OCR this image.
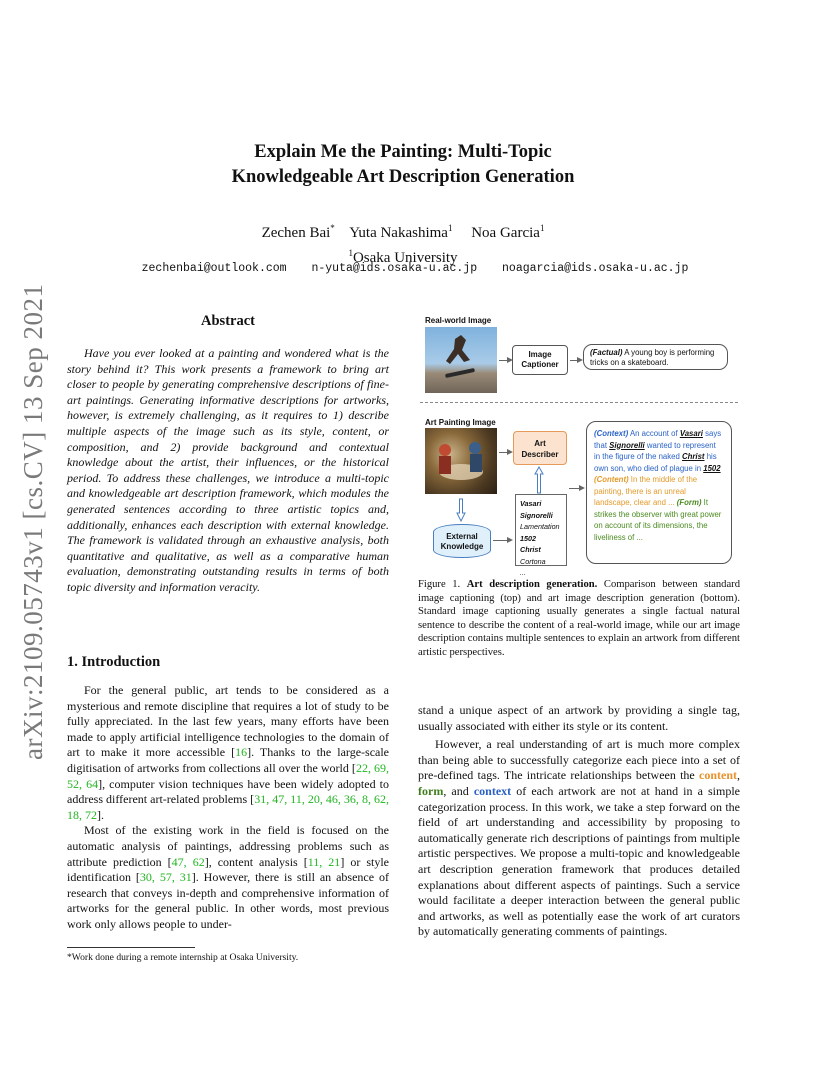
arXiv:2109.05743v1 [cs.CV] 13 Sep 2021
Explain Me the Painting: Multi-Topic
Knowledgeable Art Description Generation
Zechen Bai* Yuta Nakashima$^1$ Noa Garcia$^1$
$^1$Osaka University
zechenbai@outlook.com n-yuta@ids.osaka-u.ac.jp noagarcia@ids.osaka-u.ac.jp
Abstract
Have you ever looked at a painting and wondered what is the story behind it? This work presents a framework to bring art closer to people by generating comprehensive descriptions of fine-art paintings. Generating informative descriptions for artworks, however, is extremely challenging, as it requires to 1) describe multiple aspects of the image such as its style, content, or composition, and 2) provide background and contextual knowledge about the artist, their influences, or the historical period. To address these challenges, we introduce a multi-topic and knowledgeable art description framework, which modules the generated sentences according to three artistic topics and, additionally, enhances each description with external knowledge. The framework is validated through an exhaustive analysis, both quantitative and qualitative, as well as a comparative human evaluation, demonstrating outstanding results in terms of both topic diversity and information veracity.
1. Introduction

For the general public, art tends to be considered as a mysterious and remote discipline that requires a lot of study to be fully appreciated. In the last few years, many efforts have been made to apply artificial intelligence technologies to the domain of art to make it more accessible [16]. Thanks to the large-scale digitisation of artworks from collections all over the world [22, 69, 52, 64], computer vision techniques have been widely adopted to address different art-related problems [31, 47, 11, 20, 46, 36, 8, 62, 18, 72].

Most of the existing work in the field is focused on the automatic analysis of paintings, addressing problems such as attribute prediction [47, 62], content analysis [11, 21] or style identification [30, 57, 31]. However, there is still an absence of research that conveys in-depth and comprehensive information of artworks for the general public. In other words, most previous work only allows people to under-

*Work done during a remote internship at Osaka University.
Real-world Image
Image
Captioner
(Factual) A young boy is performing tricks on a skateboard.
Art Painting Image
Art
Describer
Vasari
Signorelli
Lamentation
1502
Christ
Cortona
...
External
Knowledge
(Context) An account of Vasari says that Signorelli wanted to represent in the figure of the naked Christ his own son, who died of plague in 1502 (Content) In the middle of the painting, there is an unreal landscape, clear and ... (Form) It strikes the observer with great power on account of its dimensions, the liveliness of ...
Figure 1. Art description generation. Comparison between standard image captioning (top) and art image description generation (bottom). Standard image captioning usually generates a single factual natural sentence to describe the content of a real-world image, while our art image description contains multiple sentences to explain an artwork from different artistic perspectives.

stand a unique aspect of an artwork by providing a single tag, usually associated with either its style or its content.

However, a real understanding of art is much more complex than being able to successfully categorize each piece into a set of pre-defined tags. The intricate relationships between the content, form, and context of each artwork are not at hand in a simple categorization process. In this work, we take a step forward on the field of art understanding and accessibility by proposing to automatically generate rich descriptions of paintings from multiple artistic perspectives. We propose a multi-topic and knowledgeable art description generation framework that produces detailed explanations about different aspects of paintings. Such a service would facilitate a deeper interaction between the general public and artworks, as well as potentially ease the work of art curators by automatically generating comments of paintings.
